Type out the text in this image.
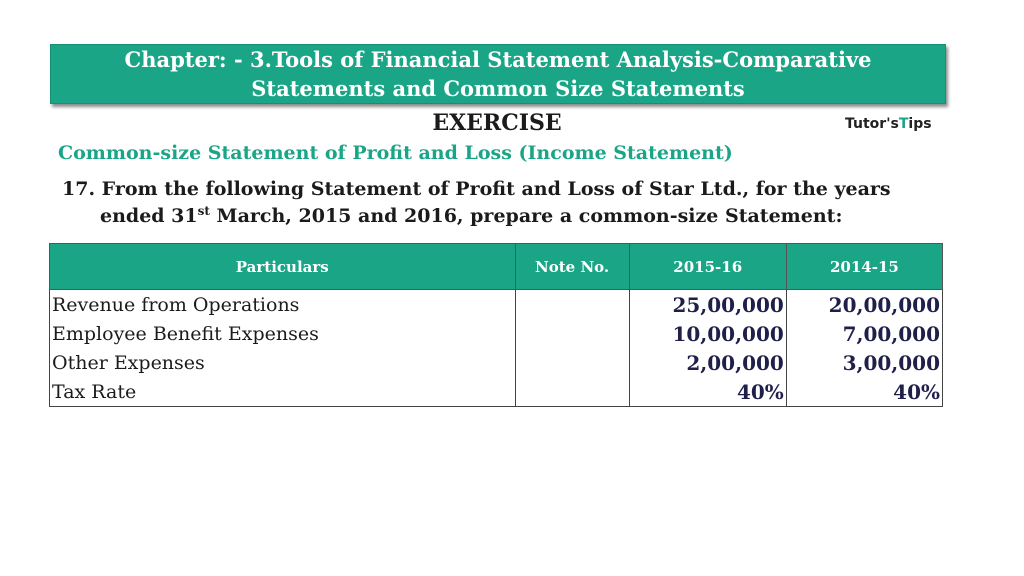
Chapter: - 3.Tools of Financial Statement Analysis-Comparative
Statements and Common Size Statements
EXERCISE	Tutor'sTips
Common-size Statement of Profit and Loss (Income Statement)
17. From the following Statement of Profit and Loss of Star Ltd., for the years
ended 31st March, 2015 and 2016, prepare a common-size Statement:
Particulars	Note No.	2015-16	2014-15
Revenue from Operations		25,00,000	20,00,000
Employee Benefit Expenses		10,00,000	7,00,000
Other Expenses		2,00,000	3,00,000
Tax Rate		40%	40%
